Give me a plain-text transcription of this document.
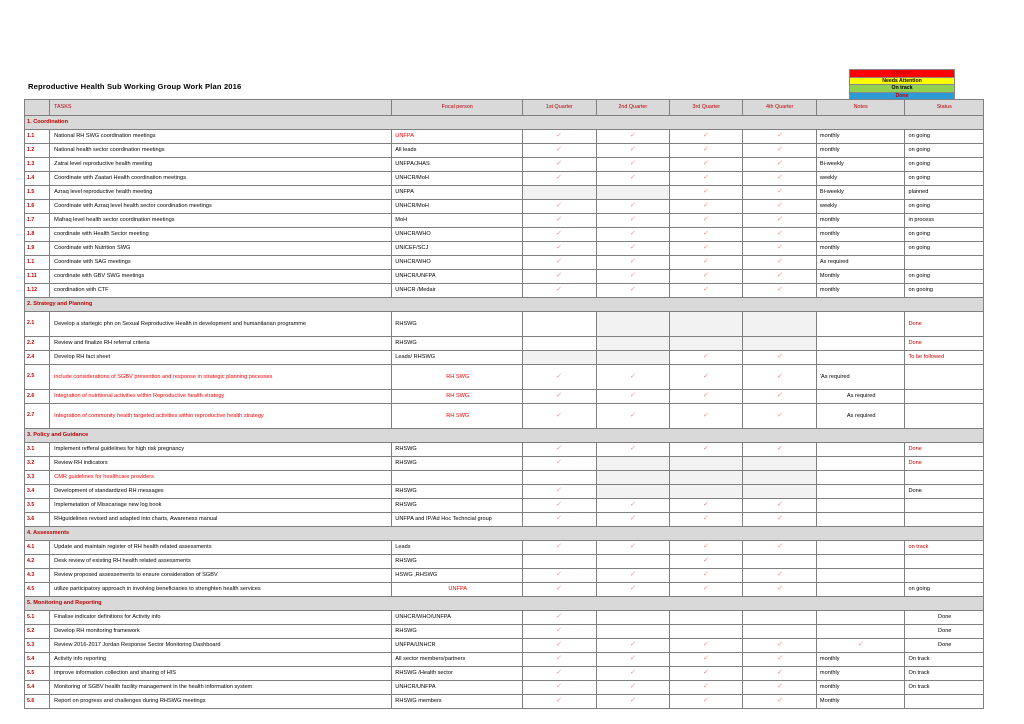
Reproductive Health Sub Working Group Work Plan 2016
Urgent
Needs Attention
On track
Done
	TASKS	Focal person	1st Quarter	2nd Quarter	3rd Quarter	4th Quarter	Notes	Status
1. Coordination								
1.1	National RH SWG coordination meetings	UNFPA	✓	✓	✓	✓	monthly	on going
1.2	National health sector coordination meetings	All leads	✓	✓	✓	✓	monthly	on going
1.3	Zatrai level reproductive health meeting	UNFPA/JHAS	✓	✓	✓	✓	Bi-weekly	on going
1.4	Coordinate with Zaatari Health coordination meetings	UNHCR/MoH	✓	✓	✓	✓	weekly	on going
1.5	Azraq level reproductive health meeting	UNFPA			✓	✓	Bi-weekly	planned
1.6	Coordinate with Azraq level health sector coordination meetings	UNHCR/MoH	✓	✓	✓	✓	weekly	on going
1.7	Mafraq level health sector coordination meetings	MoH	✓	✓	✓	✓	monthly	in process
1.8	coordinate with Health Sector meeting	UNHCR/WHO	✓	✓	✓	✓	monthly	on going
1.9	Coordinate with Nutrition SWG	UNICEF/SCJ	✓	✓	✓	✓	monthly	on going
1.1	Coordinate with SAG meetings	UNHCR/WHO	✓	✓	✓	✓	As required	
1.11	coordinate with GBV SWG meetings	UNHCR/UNFPA	✓	✓	✓	✓	Monthly	on going
1.12	coordination with CTF	UNHCR /Medair	✓	✓	✓	✓	monthly	on gooing
2. Strategy and Planning								
2.1	Develop a startegic phn on Sexual Reproductive Health in development and humanitarian programme	RHSWG						Done
2.2	Review and finalize RH referral criteria	RHSWG						Done
2.4	Develop RH fact sheet	Leads/ RHSWG			✓	✓		To be followed
2.5	include considerations of SGBV prevention and response in strategic planning pocesses	RH SWG	✓	✓	✓	✓	'As required	
2.6	Integration of nutritional activities within Reproductive health strategy	RH SWG	✓	✓	✓	✓	As required	
2.7	Integration of community health targeted activities within reproductive health strategy	RH SWG	✓	✓	✓	✓	As required	
3. Policy and Guidance								
3.1	Implement refferal guidelines for high risk pregnancy	RHSWG	✓	✓	✓	✓		Done
3.2	Review RH indicators	RHSWG	✓					Done
3.3	CMR guidelines for healthcare providers							
3.4	Development of standardized RH messages	RHSWG	✓					Done
3.5	Implemetation of Misscariage new log book	RHSWG	✓	✓	✓	✓		
3.6	RHguidelines revised and adapted into charts, Awareness manual	UNFPA and IP/Ad Hoc Techncial group	✓	✓	✓	✓		
4. Assessments								
4.1	Update and maintain register of RH health related assessments	Leads	✓	✓	✓	✓		on track
4.2	Desk review of existing RH health related assessments	RHSWG			✓			
4.3	Review proposed assessements to ensure consideration of SGBV	HSWG ,RHSWG	✓	✓	✓	✓		
4.5	utilize participatory approach in involving beneficiaries to strenghten health services	UNFPA	✓	✓	✓	✓		on going
5. Monitoring and Reporting								
5.1	Finalise indicator definitions for Activity info	UNHCR/WHO/UNFPA	✓					Done
5.2	Develop RH monitoring framework	RHSWG	✓					Done
5.3	Review 2016-2017 Jordan Response Sector Monitoring Dashboard	UNFPA/UNHCR	✓	✓	✓	✓	✓	Done
5.4	Activity info reporting	All sector members/partners	✓	✓	✓	✓	monthly	On track
5.5	improve information collection and sharing of HIS	RHSWG /Health sector	✓	✓	✓	✓	monthly	On track
5.4	Monitoring of SGBV health facility management in the health information system	UNHCR/UNFPA	✓	✓	✓	✓	monthly	On track
5.6	Report on progress and challenges during RHSWG meetings	RHSWG members	✓	✓	✓	✓	Monthly	
